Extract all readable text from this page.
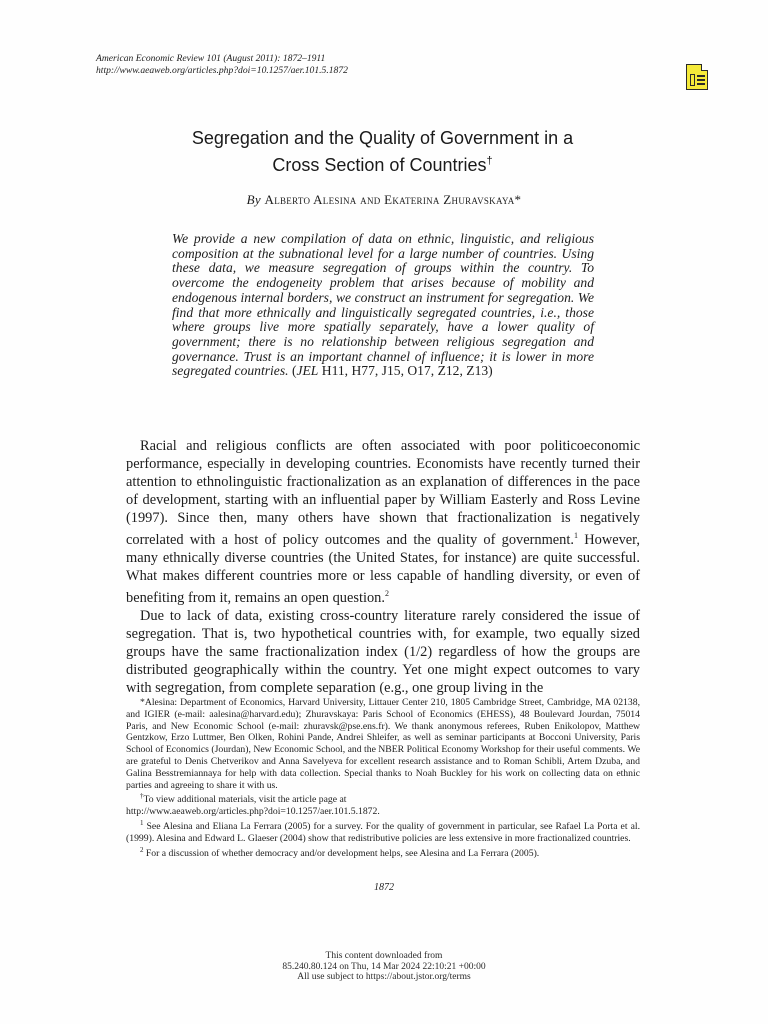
American Economic Review 101 (August 2011): 1872–1911
http://www.aeaweb.org/articles.php?doi=10.1257/aer.101.5.1872
Segregation and the Quality of Government in a
Cross Section of Countries†
By Alberto Alesina and Ekaterina Zhuravskaya*
We provide a new compilation of data on ethnic, linguistic, and religious composition at the subnational level for a large number of countries. Using these data, we measure segregation of groups within the country. To overcome the endogeneity problem that arises because of mobility and endogenous internal borders, we construct an instrument for segregation. We find that more ethnically and linguistically segregated countries, i.e., those where groups live more spatially separately, have a lower quality of government; there is no relationship between religious segregation and governance. Trust is an important channel of influence; it is lower in more segregated countries. (JEL H11, H77, J15, O17, Z12, Z13)

Racial and religious conflicts are often associated with poor politicoeconomic performance, especially in developing countries. Economists have recently turned their attention to ethnolinguistic fractionalization as an explanation of differences in the pace of development, starting with an influential paper by William Easterly and Ross Levine (1997). Since then, many others have shown that fractionalization is negatively correlated with a host of policy outcomes and the quality of government.$^1$ However, many ethnically diverse countries (the United States, for instance) are quite successful. What makes different countries more or less capable of handling diversity, or even of benefiting from it, remains an open question.$^2$

Due to lack of data, existing cross-country literature rarely considered the issue of segregation. That is, two hypothetical countries with, for example, two equally sized groups have the same fractionalization index (1/2) regardless of how the groups are distributed geographically within the country. Yet one might expect outcomes to vary with segregation, from complete separation (e.g., one group living in the

*Alesina: Department of Economics, Harvard University, Littauer Center 210, 1805 Cambridge Street, Cambridge, MA 02138, and IGIER (e-mail: aalesina@harvard.edu); Zhuravskaya: Paris School of Economics (EHESS), 48 Boulevard Jourdan, 75014 Paris, and New Economic School (e-mail: zhuravsk@pse.ens.fr). We thank anonymous referees, Ruben Enikolopov, Matthew Gentzkow, Erzo Luttmer, Ben Olken, Rohini Pande, Andrei Shleifer, as well as seminar participants at Bocconi University, Paris School of Economics (Jourdan), New Economic School, and the NBER Political Economy Workshop for their useful comments. We are grateful to Denis Chetverikov and Anna Savelyeva for excellent research assistance and to Roman Schibli, Artem Dzuba, and Galina Besstremiannaya for help with data collection. Special thanks to Noah Buckley for his work on collecting data on ethnic parties and agreeing to share it with us.

†To view additional materials, visit the article page at

http://www.aeaweb.org/articles.php?doi=10.1257/aer.101.5.1872.

$^1$ See Alesina and Eliana La Ferrara (2005) for a survey. For the quality of government in particular, see Rafael La Porta et al. (1999). Alesina and Edward L. Glaeser (2004) show that redistributive policies are less extensive in more fractionalized countries.

$^2$ For a discussion of whether democracy and/or development helps, see Alesina and La Ferrara (2005).

1872
This content downloaded from
85.240.80.124 on Thu, 14 Mar 2024 22:10:21 +00:00
All use subject to https://about.jstor.org/terms
